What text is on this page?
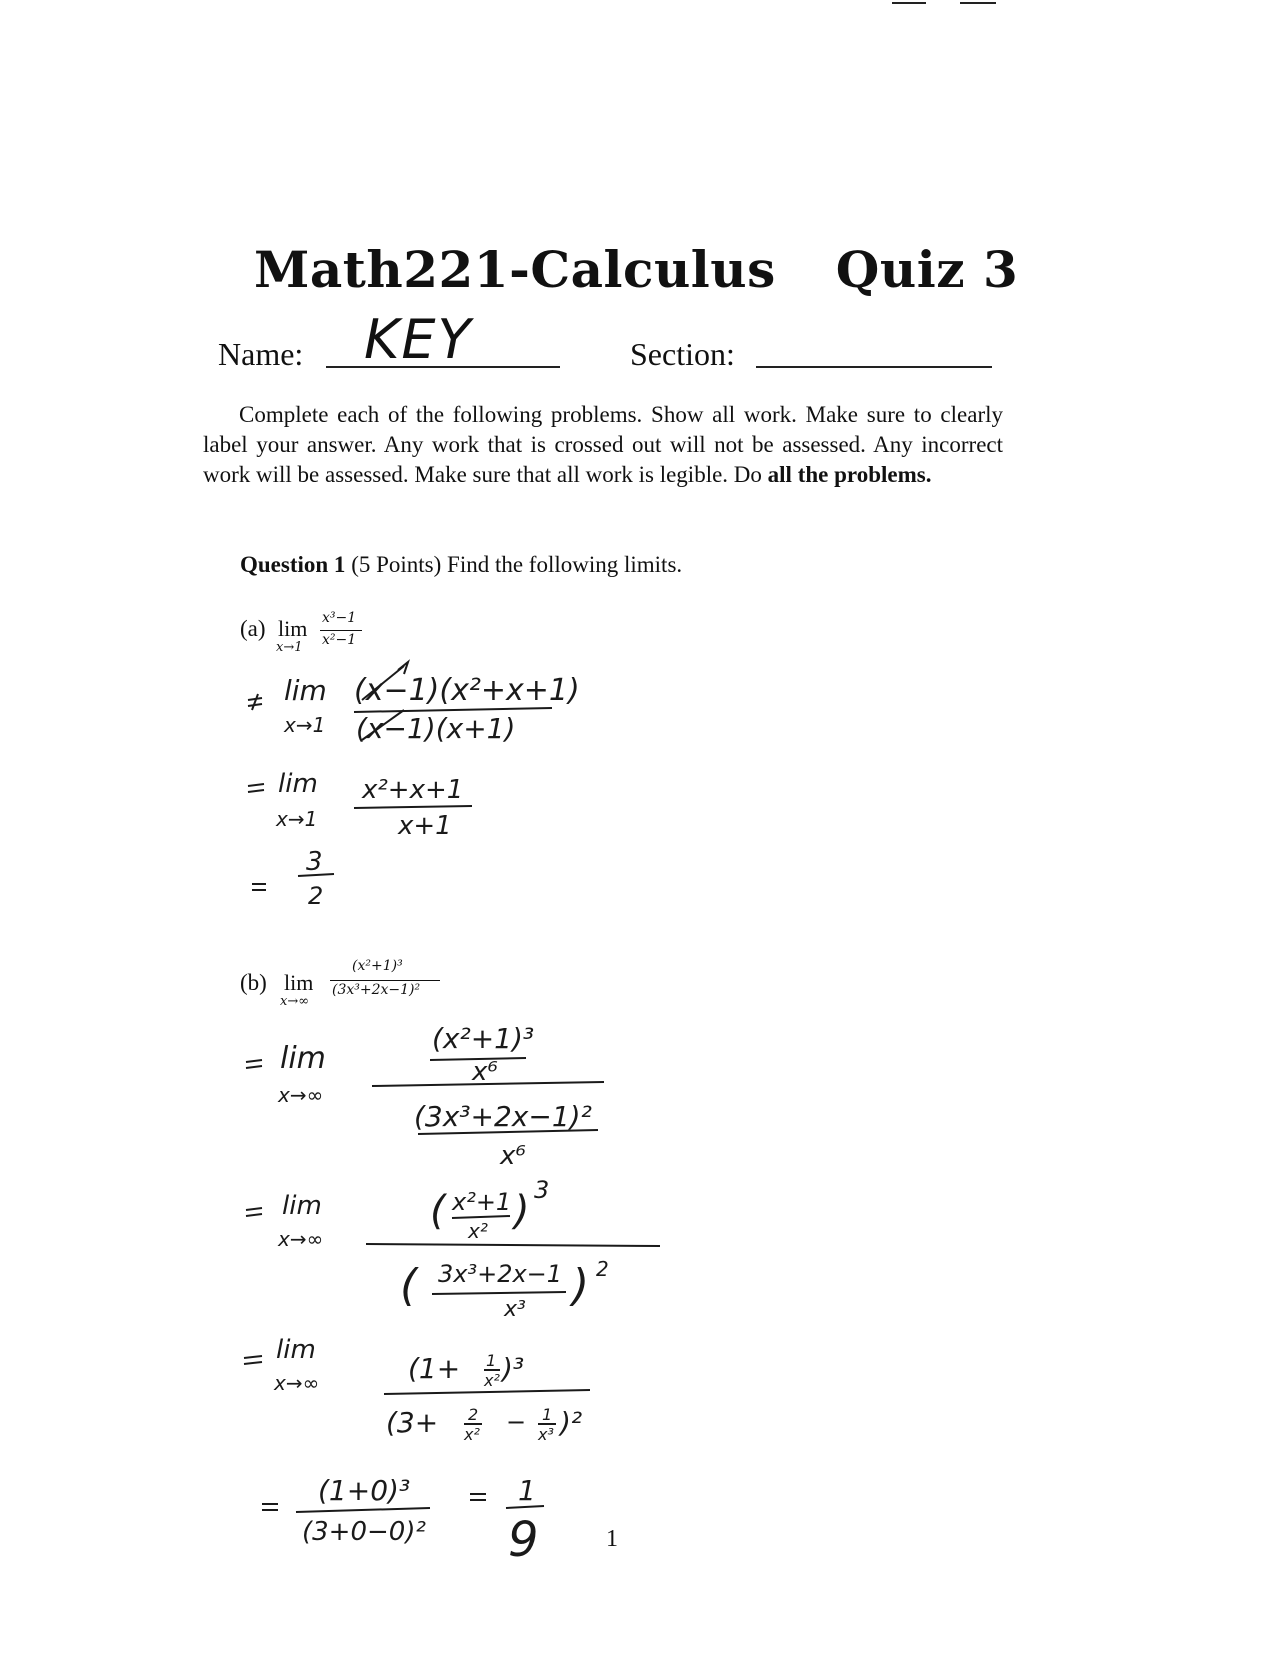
Math221-Calculus Quiz 3
Name: KEY	Section:
Complete each of the following problems. Show all work. Make sure to clearly label your answer. Any work that is crossed out will not be assessed. Any incorrect work will be assessed. Make sure that all work is legible. Do all the problems.
Question 1 (5 Points) Find the following limits.
(a) lim
x→1
x³−1
x²−1
(b) lim
x→∞
(x²+1)³
(3x³+2x−1)²
lim
x→1
(x−1)(x²+x+1)
(x−1)(x+1)
lim
x→1
x²+x+1
x+1
3
2
lim
x→∞
(x²+1)³
x⁶
(3x³+2x−1)²
x⁶
lim
x→∞
( x²+1
x² ) 3
( 3x³+2x−1
x³ ) 2
lim
x→∞	(1+ 1
x² )³
(3+ 2
x² − 1
x³ )²
(1+0)³
(3+0−0)²
1
9	1
